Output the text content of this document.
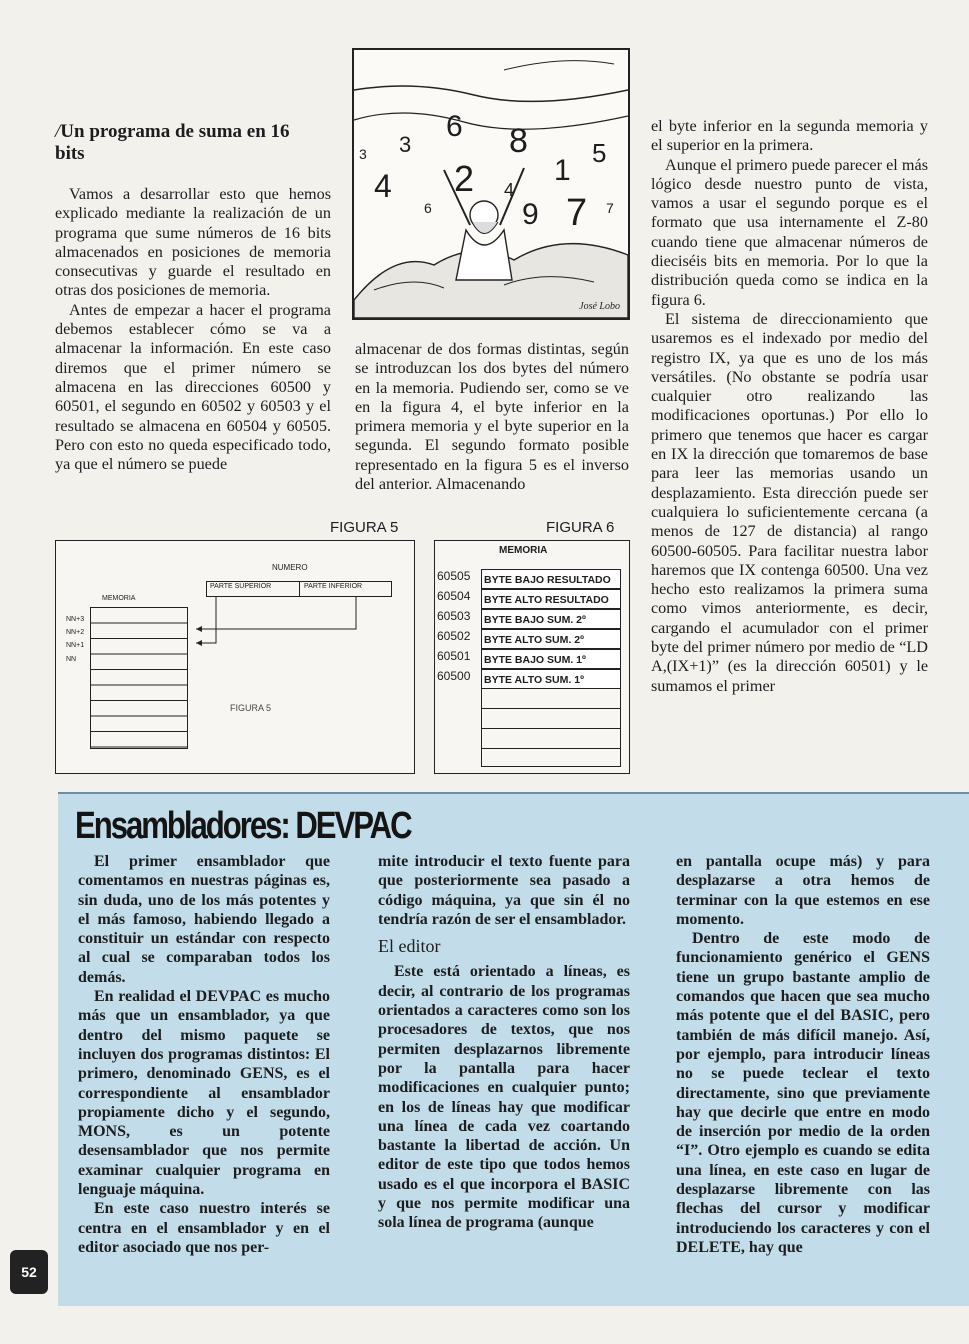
/Un programa de suma en 16 bits

Vamos a desarrollar esto que hemos explicado mediante la realización de un programa que sume números de 16 bits almacenados en posiciones de memoria consecutivas y guarde el resultado en otras dos posiciones de memoria.

Antes de empezar a hacer el programa debemos establecer cómo se va a almacenar la información. En este caso diremos que el primer número se almacena en las direcciones 60500 y 60501, el segundo en 60502 y 60503 y el resultado se almacena en 60504 y 60505. Pero con esto no queda especificado todo, ya que el número se puede

6 8
3	5
4 2	1
7
9
4
6
3
7
José Lobo

almacenar de dos formas distintas, según se introduzcan los dos bytes del número en la memoria. Pudiendo ser, como se ve en la figura 4, el byte inferior en la primera memoria y el byte superior en la segunda. El segundo formato posible representado en la figura 5 es el inverso del anterior. Almacenando

el byte inferior en la segunda memoria y el superior en la primera.

Aunque el primero puede parecer el más lógico desde nuestro punto de vista, vamos a usar el segundo porque es el formato que usa internamente el Z-80 cuando tiene que almacenar números de dieciséis bits en memoria. Por lo que la distribución queda como se indica en la figura 6.

El sistema de direccionamiento que usaremos es el indexado por medio del registro IX, ya que es uno de los más versátiles. (No obstante se podría usar cualquier otro realizando las modificaciones oportunas.) Por ello lo primero que tenemos que hacer es cargar en IX la dirección que tomaremos de base para leer las memorias usando un desplazamiento. Esta dirección puede ser cualquiera lo suficientemente cercana (a menos de 127 de distancia) al rango 60500-60505. Para facilitar nuestra labor haremos que IX contenga 60500. Una vez hecho esto realizamos la primera suma como vimos anteriormente, es decir, cargando el acumulador con el primer byte del primer número por medio de “LD A,(IX+1)” (es la dirección 60501) y le sumamos el primer

FIGURA 5	FIGURA 6
NUMERO
PARTE SUPERIOR	PARTE INFERIOR
MEMORIA
NN+3
NN+2
NN+1
NN
FIGURA 5
MEMORIA
60505	BYTE BAJO RESULTADO
60504	BYTE ALTO RESULTADO
60503	BYTE BAJO SUM. 2º
60502	BYTE ALTO SUM. 2º
60501	BYTE BAJO SUM. 1º
60500	BYTE ALTO SUM. 1º
Ensambladores: DEVPAC

El primer ensamblador que comentamos en nuestras páginas es, sin duda, uno de los más potentes y el más famoso, habiendo llegado a constituir un estándar con respecto al cual se comparaban todos los demás.

En realidad el DEVPAC es mucho más que un ensamblador, ya que dentro del mismo paquete se incluyen dos programas distintos: El primero, denominado GENS, es el correspondiente al ensamblador propiamente dicho y el segundo, MONS, es un potente desensamblador que nos permite examinar cualquier programa en lenguaje máquina.

En este caso nuestro interés se centra en el ensamblador y en el editor asociado que nos per-

mite introducir el texto fuente para que posteriormente sea pasado a código máquina, ya que sin él no tendría razón de ser el ensamblador.

El editor

Este está orientado a líneas, es decir, al contrario de los programas orientados a caracteres como son los procesadores de textos, que nos permiten desplazarnos libremente por la pantalla para hacer modificaciones en cualquier punto; en los de líneas hay que modificar una línea de cada vez coartando bastante la libertad de acción. Un editor de este tipo que todos hemos usado es el que incorpora el BASIC y que nos permite modificar una sola línea de programa (aunque

en pantalla ocupe más) y para desplazarse a otra hemos de terminar con la que estemos en ese momento.

Dentro de este modo de funcionamiento genérico el GENS tiene un grupo bastante amplio de comandos que hacen que sea mucho más potente que el del BASIC, pero también de más difícil manejo. Así, por ejemplo, para introducir líneas no se puede teclear el texto directamente, sino que previamente hay que decirle que entre en modo de inserción por medio de la orden “I”. Otro ejemplo es cuando se edita una línea, en este caso en lugar de desplazarse libremente con las flechas del cursor y modificar introduciendo los caracteres y con el DELETE, hay que

52
